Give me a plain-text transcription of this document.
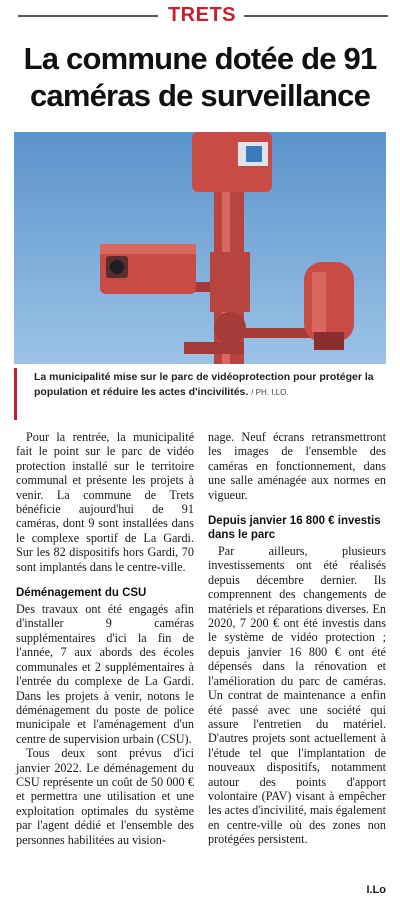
TRETS
La commune dotée de 91
caméras de surveillance
La municipalité mise sur le parc de vidéoprotection pour protéger la population et réduire les actes d'incivilités. / PH. I.LO.

Pour la rentrée, la municipalité fait le point sur le parc de vidéo protection installé sur le territoire communal et présente les projets à venir. La commune de Trets bénéficie aujourd'hui de 91 caméras, dont 9 sont installées dans le complexe sportif de La Gardi. Sur les 82 dispositifs hors Gardi, 70 sont implantés dans le centre-ville.

Déménagement du CSU

Des travaux ont été engagés afin d'installer 9 caméras supplémentaires d'ici la fin de l'année, 7 aux abords des écoles communales et 2 supplémentaires à l'entrée du complexe de La Gardi. Dans les projets à venir, notons le déménagement du poste de police municipale et l'aménagement d'un centre de supervision urbain (CSU).

Tous deux sont prévus d'ici janvier 2022. Le déménagement du CSU représente un coût de 50 000 € et permettra une utilisation et une exploitation optimales du système par l'agent dédié et l'ensemble des personnes habilitées au vision-

nage. Neuf écrans retransmettront les images de l'ensemble des caméras en fonctionnement, dans une salle aménagée aux normes en vigueur.

Depuis janvier 16 800 € investis dans le parc

Par ailleurs, plusieurs investissements ont été réalisés depuis décembre dernier. Ils comprennent des changements de matériels et réparations diverses. En 2020, 7 200 € ont été investis dans le système de vidéo protection ; depuis janvier 16 800 € ont été dépensés dans la rénovation et l'amélioration du parc de caméras. Un contrat de maintenance a enfin été passé avec une société qui assure l'entretien du matériel. D'autres projets sont actuellement à l'étude tel que l'implantation de nouveaux dispositifs, notamment autour des points d'apport volontaire (PAV) visant à empêcher les actes d'incivilité, mais également en centre-ville où des zones non protégées persistent.

I.Lo
